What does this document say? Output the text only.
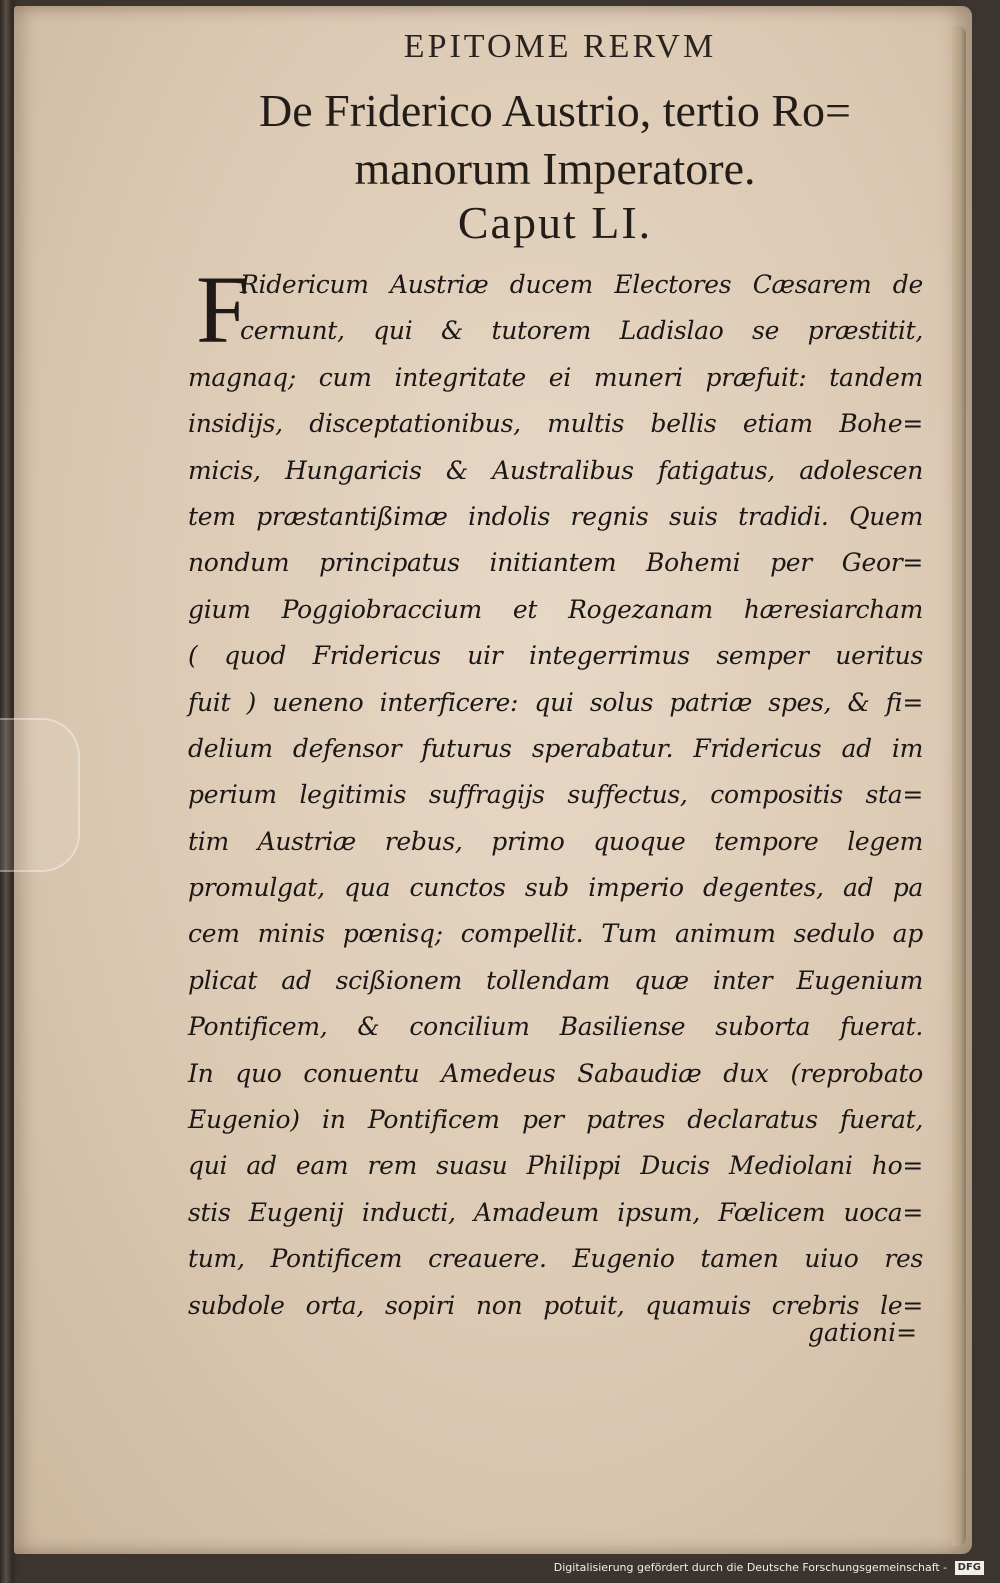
EPITOME RERVM
De Friderico Austrio, tertio Ro=
manorum Imperatore.
Caput LI.
F
Ridericum Austriæ ducem Electores Cæsarem de
cernunt, qui & tutorem Ladislao se præstitit,
magnaq; cum integritate ei muneri præfuit: tandem
insidijs, disceptationibus, multis bellis etiam Bohe=
micis, Hungaricis & Australibus fatigatus, adolescen
tem præstantißimæ indolis regnis suis tradidi. Quem
nondum principatus initiantem Bohemi per Geor=
gium Poggiobraccium et Rogezanam hæresiarcham
( quod Fridericus uir integerrimus semper ueritus
fuit ) ueneno interficere: qui solus patriæ spes, & fi=
delium defensor futurus sperabatur. Fridericus ad im
perium legitimis suffragijs suffectus, compositis sta=
tim Austriæ rebus, primo quoque tempore legem
promulgat, qua cunctos sub imperio degentes, ad pa
cem minis pœnisq; compellit. Tum animum sedulo ap
plicat ad scißionem tollendam quæ inter Eugenium
Pontificem, & concilium Basiliense suborta fuerat.
In quo conuentu Amedeus Sabaudiæ dux (reprobato
Eugenio) in Pontificem per patres declaratus fuerat,
qui ad eam rem suasu Philippi Ducis Mediolani ho=
stis Eugenij inducti, Amadeum ipsum, Fœlicem uoca=
tum, Pontificem creauere. Eugenio tamen uiuo res
subdole orta, sopiri non potuit, quamuis crebris le=
gationi=
Digitalisierung gefördert durch die Deutsche Forschungsgemeinschaft - DFG
